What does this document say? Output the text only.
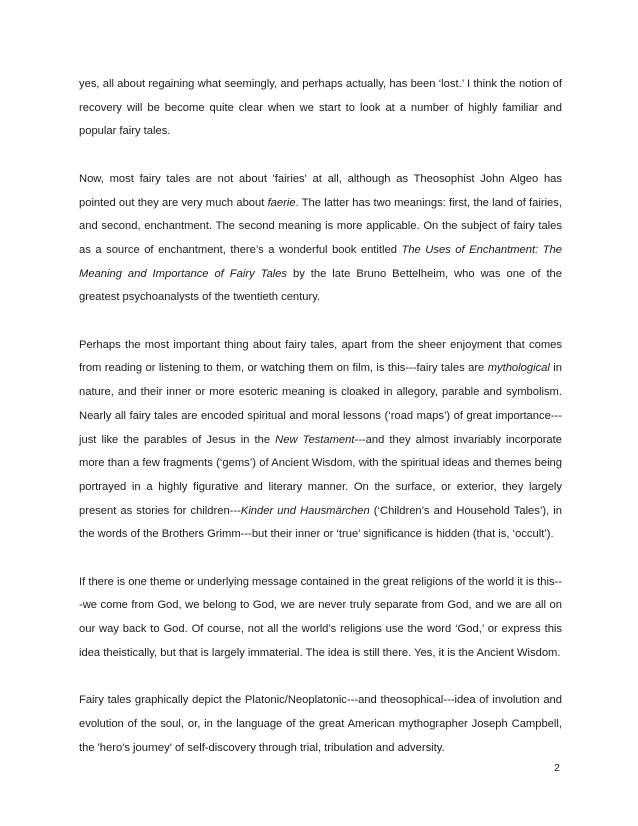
yes, all about regaining what seemingly, and perhaps actually, has been ‘lost.’ I think the notion of recovery will be become quite clear when we start to look at a number of highly familiar and popular fairy tales.

Now, most fairy tales are not about 'fairies' at all, although as Theosophist John Algeo has pointed out they are very much about faerie. The latter has two meanings: first, the land of fairies, and second, enchantment. The second meaning is more applicable. On the subject of fairy tales as a source of enchantment, there’s a wonderful book entitled The Uses of Enchantment: The Meaning and Importance of Fairy Tales by the late Bruno Bettelheim, who was one of the greatest psychoanalysts of the twentieth century.

Perhaps the most important thing about fairy tales, apart from the sheer enjoyment that comes from reading or listening to them, or watching them on film, is this---fairy tales are mythological in nature, and their inner or more esoteric meaning is cloaked in allegory, parable and symbolism. Nearly all fairy tales are encoded spiritual and moral lessons (‘road maps’) of great importance---just like the parables of Jesus in the New Testament---and they almost invariably incorporate more than a few fragments (‘gems’) of Ancient Wisdom, with the spiritual ideas and themes being portrayed in a highly figurative and literary manner. On the surface, or exterior, they largely present as stories for children---Kinder und Hausmärchen (‘Children’s and Household Tales’), in the words of the Brothers Grimm---but their inner or ‘true’ significance is hidden (that is, ‘occult’).

If there is one theme or underlying message contained in the great religions of the world it is this---we come from God, we belong to God, we are never truly separate from God, and we are all on our way back to God. Of course, not all the world’s religions use the word ‘God,’ or express this idea theistically, but that is largely immaterial. The idea is still there. Yes, it is the Ancient Wisdom.

Fairy tales graphically depict the Platonic/Neoplatonic---and theosophical---idea of involution and evolution of the soul, or, in the language of the great American mythographer Joseph Campbell, the 'hero's journey' of self-discovery through trial, tribulation and adversity.

2
